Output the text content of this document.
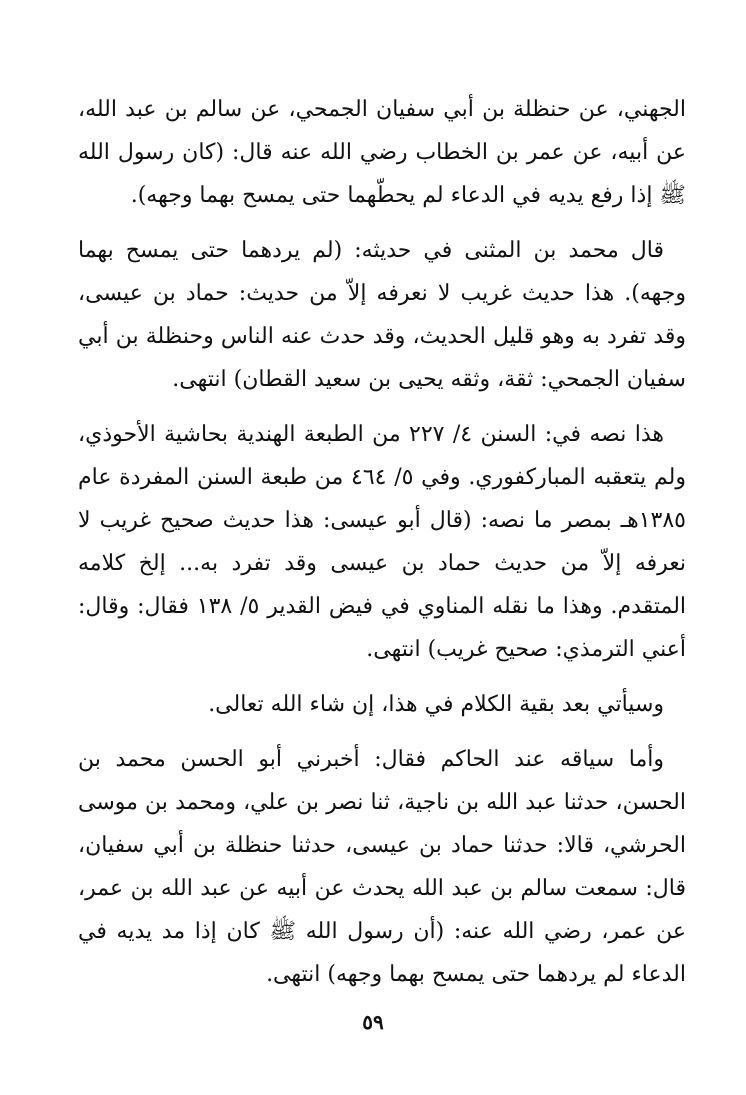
الجهني، عن حنظلة بن أبي سفيان الجمحي، عن سالم بن عبد الله، عن أبيه، عن عمر بن الخطاب رضي الله عنه قال: (كان رسول الله ﷺ إذا رفع يديه في الدعاء لم يحطّهما حتى يمسح بهما وجهه).

قال محمد بن المثنى في حديثه: (لم يردهما حتى يمسح بهما وجهه). هذا حديث غريب لا نعرفه إلاّ من حديث: حماد بن عيسى، وقد تفرد به وهو قليل الحديث، وقد حدث عنه الناس وحنظلة بن أبي سفيان الجمحي: ثقة، وثقه يحيى بن سعيد القطان) انتهى.

هذا نصه في: السنن ٤/ ٢٢٧ من الطبعة الهندية بحاشية الأحوذي، ولم يتعقبه المباركفوري. وفي ٥/ ٤٦٤ من طبعة السنن المفردة عام ١٣٨٥هـ بمصر ما نصه: (قال أبو عيسى: هذا حديث صحيح غريب لا نعرفه إلاّ من حديث حماد بن عيسى وقد تفرد به... إلخ كلامه المتقدم. وهذا ما نقله المناوي في فيض القدير ٥/ ١٣٨ فقال: وقال: أعني الترمذي: صحيح غريب) انتهى.

وسيأتي بعد بقية الكلام في هذا، إن شاء الله تعالى.

وأما سياقه عند الحاكم فقال: أخبرني أبو الحسن محمد بن الحسن، حدثنا عبد الله بن ناجية، ثنا نصر بن علي، ومحمد بن موسى الحرشي، قالا: حدثنا حماد بن عيسى، حدثنا حنظلة بن أبي سفيان، قال: سمعت سالم بن عبد الله يحدث عن أبيه عن عبد الله بن عمر، عن عمر، رضي الله عنه: (أن رسول الله ﷺ كان إذا مد يديه في الدعاء لم يردهما حتى يمسح بهما وجهه) انتهى.

٥٩
